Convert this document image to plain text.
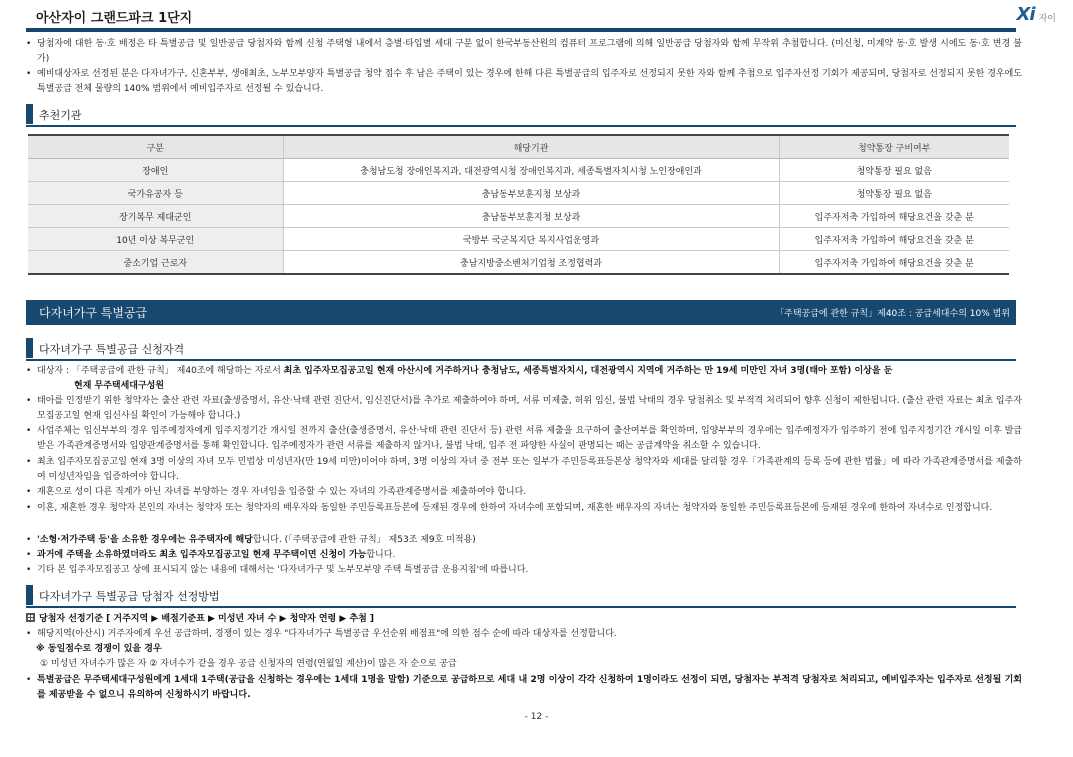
아산자이 그랜드파크 1단지	Xi 자이
• 당첨자에 대한 동·호 배정은 타 특별공급 및 일반공급 당첨자와 함께 신청 주택형 내에서 층별·타입별 세대 구분 없이 한국부동산원의 컴퓨터 프로그램에 의해 일반공급 당첨자와 함께 무작위 추첨합니다. (미신청, 미계약 동·호 발생 시에도 동·호 변경 불가)
• 예비대상자로 선정된 분은 다자녀가구, 신혼부부, 생애최초, 노부모부양자 특별공급 청약 접수 후 남은 주택이 있는 경우에 한해 다른 특별공급의 입주자로 선정되지 못한 자와 함께 추첨으로 입주자선정 기회가 제공되며, 당첨자로 선정되지 못한 경우에도 특별공급 전체 물량의 140% 범위에서 예비입주자로 선정될 수 있습니다.
추천기관
구분	해당기관	청약통장 구비여부
장애인	충청남도청 장애인복지과, 대전광역시청 장애인복지과, 세종특별자치시청 노인장애인과	청약통장 필요 없음
국가유공자 등	충남동부보훈지청 보상과	청약통장 필요 없음
장기복무 제대군인	충남동부보훈지청 보상과	입주자저축 가입하여 해당요건을 갖춘 분
10년 이상 복무군인	국방부 국군복지단 복지사업운영과	입주자저축 가입하여 해당요건을 갖춘 분
중소기업 근로자	충남지방중소벤처기업청 조정협력과	입주자저축 가입하여 해당요건을 갖춘 분
다자녀가구 특별공급	「주택공급에 관한 규칙」제40조 : 공급세대수의 10% 범위
다자녀가구 특별공급 신청자격
• 대상자 : 「주택공급에 관한 규칙」 제40조에 해당하는 자로서 최초 입주자모집공고일 현재 아산시에 거주하거나 충청남도, 세종특별자치시, 대전광역시 지역에 거주하는 만 19세 미만인 자녀 3명(태아 포함) 이상을 둔
현재 무주택세대구성원
• 태아를 인정받기 위한 청약자는 출산 관련 자료(출생증명서, 유산·낙태 관련 진단서, 임신진단서)를 추가로 제출하여야 하며, 서류 미제출, 허위 임신, 불법 낙태의 경우 당첨취소 및 부적격 처리되어 향후 신청이 제한됩니다. (출산 관련 자료는 최초 입주자모집공고일 현재 임신사실 확인이 가능해야 합니다.)
• 사업주체는 임신부부의 경우 입주예정자에게 입주지정기간 개시일 전까지 출산(출생증명서, 유산·낙태 관련 진단서 등) 관련 서류 제출을 요구하여 출산여부를 확인하며, 입양부부의 경우에는 입주예정자가 입주하기 전에 입주지정기간 개시일 이후 발급받은 가족관계증명서와 입양관계증명서를 통해 확인합니다. 입주예정자가 관련 서류를 제출하지 않거나, 불법 낙태, 입주 전 파양한 사실이 판명되는 때는 공급계약을 취소할 수 있습니다.
• 최초 입주자모집공고일 현재 3명 이상의 자녀 모두 민법상 미성년자(만 19세 미만)이어야 하며, 3명 이상의 자녀 중 전부 또는 일부가 주민등록표등본상 청약자와 세대를 달리할 경우「가족관계의 등록 등에 관한 법률」에 따라 가족관계증명서를 제출하여 미성년자임을 입증하여야 합니다.
• 재혼으로 성이 다른 직계가 아닌 자녀를 부양하는 경우 자녀임을 입증할 수 있는 자녀의 가족관계증명서를 제출하여야 합니다.
• 이혼, 재혼한 경우 청약자 본인의 자녀는 청약자 또는 청약자의 배우자와 동일한 주민등록표등본에 등재된 경우에 한하여 자녀수에 포함되며, 재혼한 배우자의 자녀는 청약자와 동일한 주민등록표등본에 등재된 경우에 한하여 자녀수로 인정합니다.
• '소형·저가주택 등'을 소유한 경우에는 유주택자에 해당합니다. (「주택공급에 관한 규칙」 제53조 제9호 미적용)
• 과거에 주택을 소유하였더라도 최초 입주자모집공고일 현재 무주택이면 신청이 가능합니다.
• 기타 본 입주자모집공고 상에 표시되지 않는 내용에 대해서는 '다자녀가구 및 노부모부양 주택 특별공급 운용지침'에 따릅니다.
다자녀가구 특별공급 당첨자 선정방법
당첨자 선정기준 [ 거주지역 ▶ 배점기준표 ▶ 미성년 자녀 수 ▶ 청약자 연령 ▶ 추첨 ]
• 해당지역(아산시) 거주자에게 우선 공급하며, 경쟁이 있는 경우 "다자녀가구 특별공급 우선순위 배점표"에 의한 점수 순에 따라 대상자를 선정합니다.
※ 동일점수로 경쟁이 있을 경우
① 미성년 자녀수가 많은 자 ② 자녀수가 같을 경우 공급 신청자의 연령(연월일 계산)이 많은 자 순으로 공급
• 특별공급은 무주택세대구성원에게 1세대 1주택(공급을 신청하는 경우에는 1세대 1명을 말함) 기준으로 공급하므로 세대 내 2명 이상이 각각 신청하여 1명이라도 선정이 되면, 당첨자는 부적격 당첨자로 처리되고, 예비입주자는 입주자로 선정될 기회를 제공받을 수 없으니 유의하여 신청하시기 바랍니다.
- 12 -
